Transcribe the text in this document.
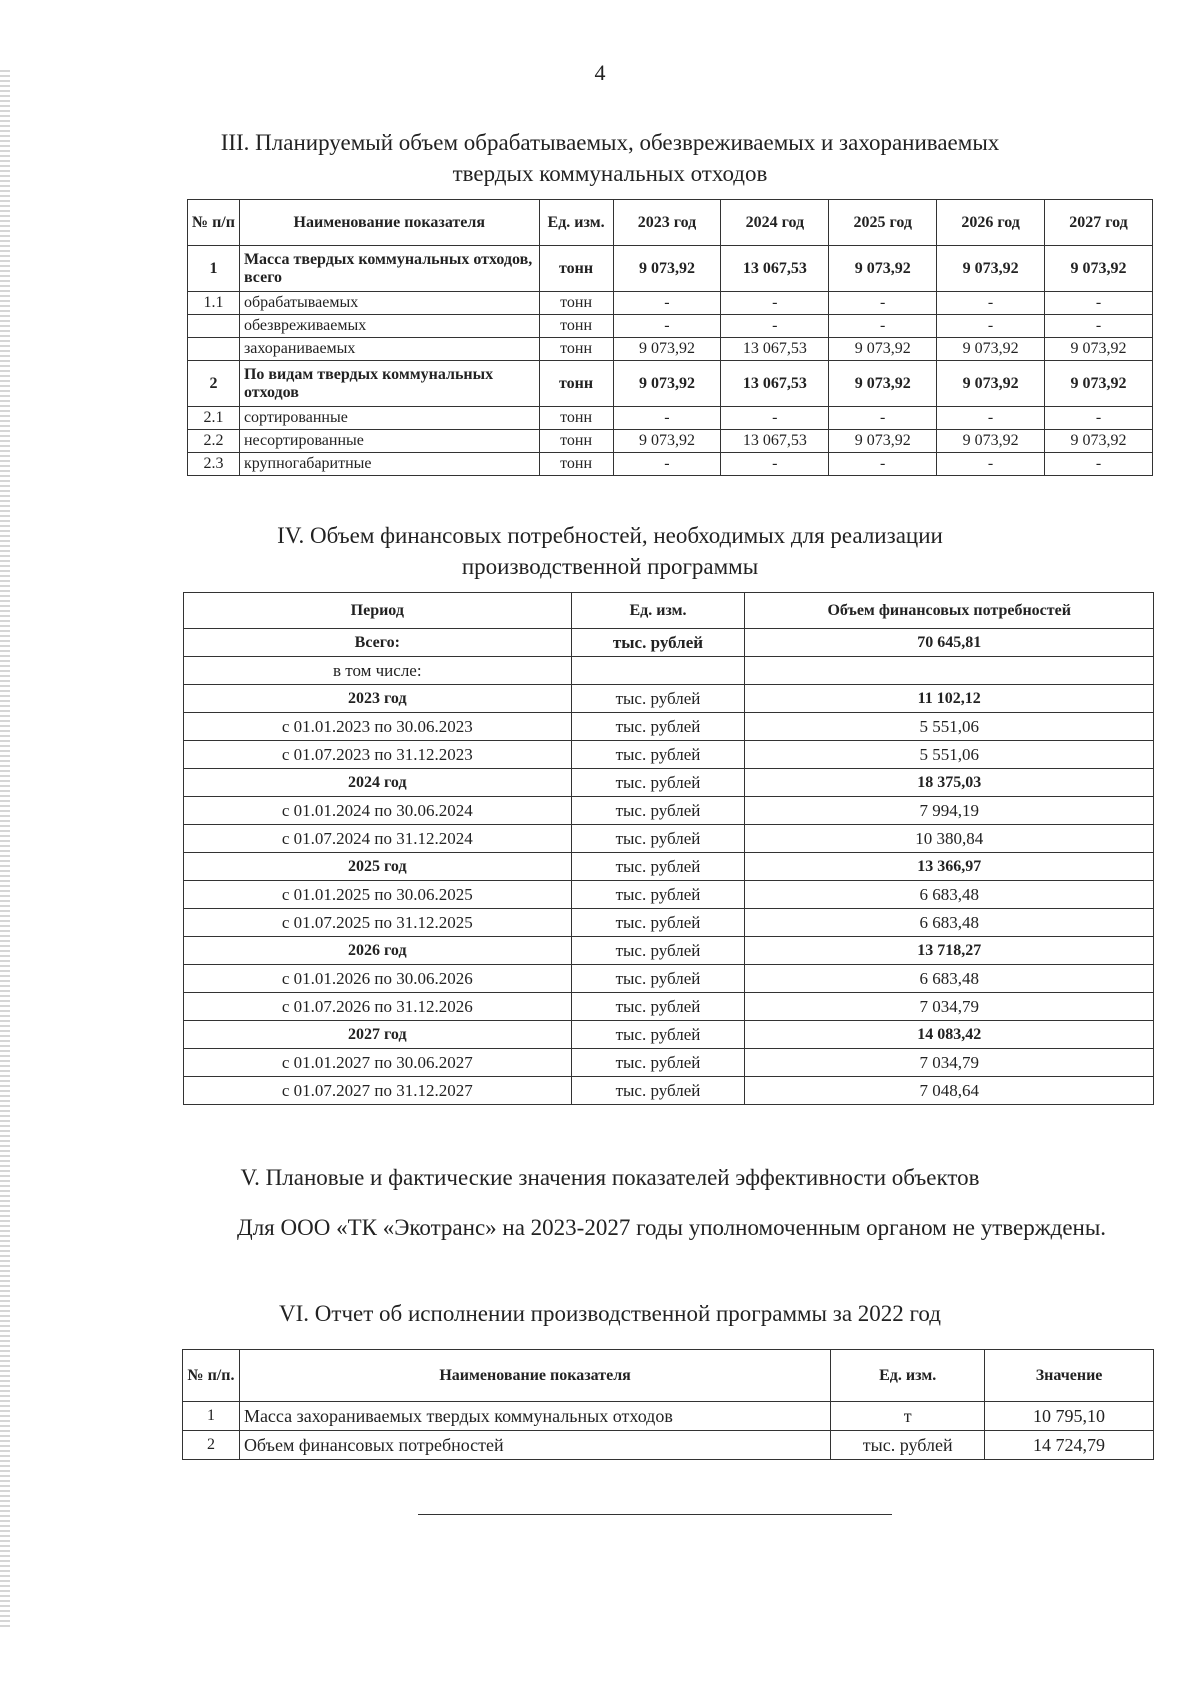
4
III. Планируемый объем обрабатываемых, обезвреживаемых и захораниваемых
твердых коммунальных отходов
№ п/п	Наименование показателя	Ед. изм.	2023 год	2024 год	2025 год	2026 год	2027 год
1	Масса твердых коммунальных отходов, всего	тонн	9 073,92	13 067,53	9 073,92	9 073,92	9 073,92
1.1	обрабатываемых	тонн	-	-	-	-	-
	обезвреживаемых	тонн	-	-	-	-	-
	захораниваемых	тонн	9 073,92	13 067,53	9 073,92	9 073,92	9 073,92
2	По видам твердых коммунальных отходов	тонн	9 073,92	13 067,53	9 073,92	9 073,92	9 073,92
2.1	сортированные	тонн	-	-	-	-	-
2.2	несортированные	тонн	9 073,92	13 067,53	9 073,92	9 073,92	9 073,92
2.3	крупногабаритные	тонн	-	-	-	-	-
IV. Объем финансовых потребностей, необходимых для реализации
производственной программы
Период	Ед. изм.	Объем финансовых потребностей
Всего:	тыс. рублей	70 645,81
в том числе:		
2023 год	тыс. рублей	11 102,12
с 01.01.2023 по 30.06.2023	тыс. рублей	5 551,06
с 01.07.2023 по 31.12.2023	тыс. рублей	5 551,06
2024 год	тыс. рублей	18 375,03
с 01.01.2024 по 30.06.2024	тыс. рублей	7 994,19
с 01.07.2024 по 31.12.2024	тыс. рублей	10 380,84
2025 год	тыс. рублей	13 366,97
с 01.01.2025 по 30.06.2025	тыс. рублей	6 683,48
с 01.07.2025 по 31.12.2025	тыс. рублей	6 683,48
2026 год	тыс. рублей	13 718,27
с 01.01.2026 по 30.06.2026	тыс. рублей	6 683,48
с 01.07.2026 по 31.12.2026	тыс. рублей	7 034,79
2027 год	тыс. рублей	14 083,42
с 01.01.2027 по 30.06.2027	тыс. рублей	7 034,79
с 01.07.2027 по 31.12.2027	тыс. рублей	7 048,64
V. Плановые и фактические значения показателей эффективности объектов

Для ООО «ТК «Экотранс» на 2023-2027 годы уполномоченным органом не утверждены.

VI. Отчет об исполнении производственной программы за 2022 год
№ п/п.	Наименование показателя	Ед. изм.	Значение
1	Масса захораниваемых твердых коммунальных отходов	т	10 795,10
2	Объем финансовых потребностей	тыс. рублей	14 724,79
